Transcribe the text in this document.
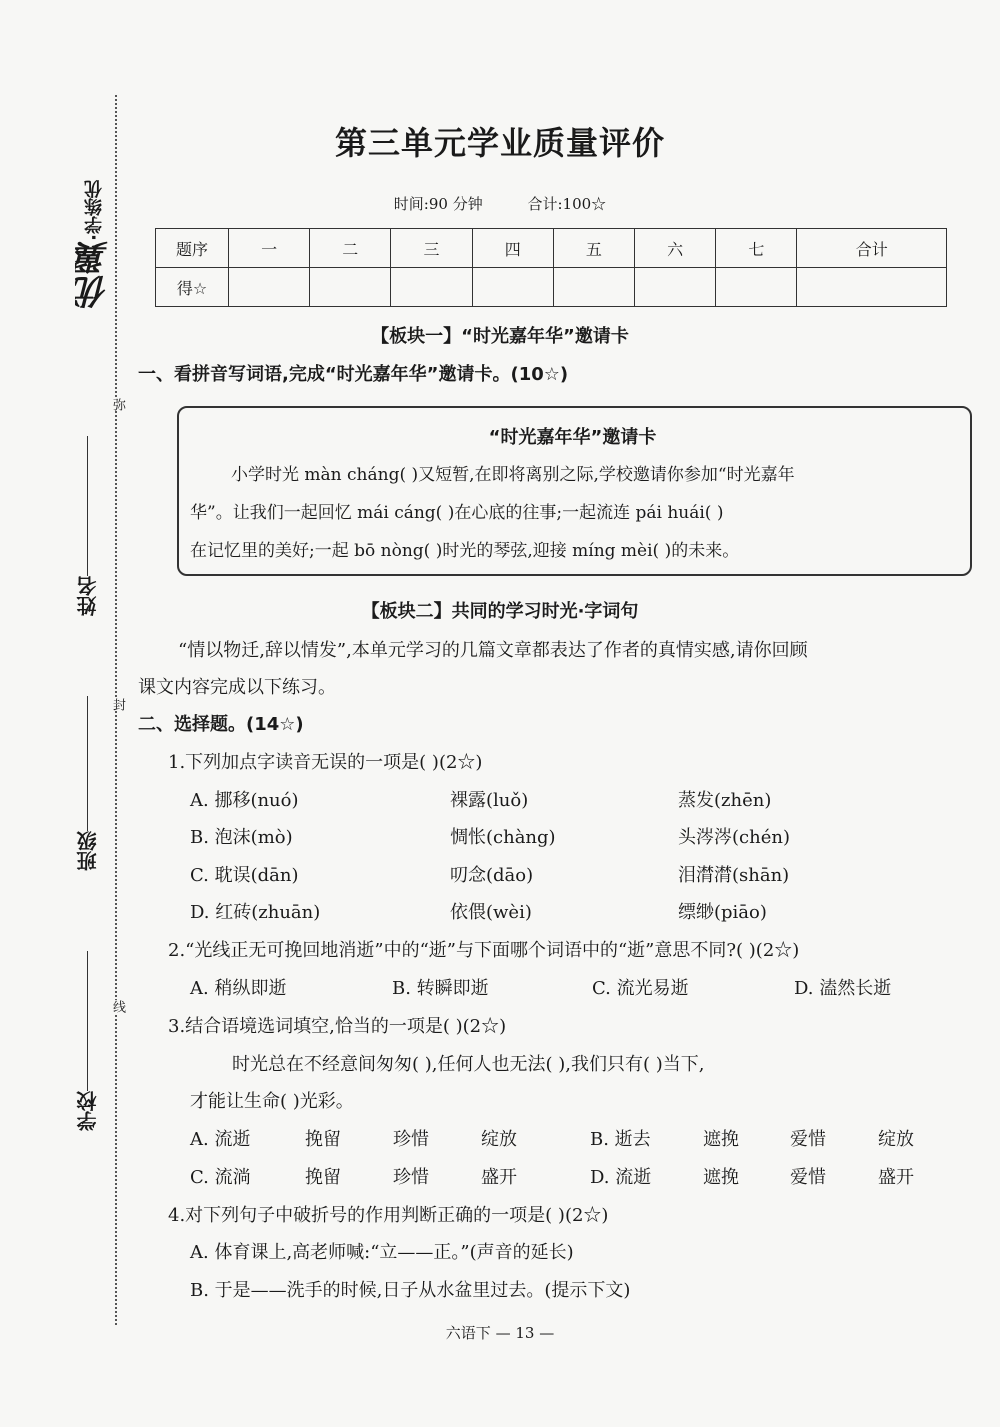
优翼·学练优
弥
封
线
姓名
班级
学校
第三单元学业质量评价
时间:90 分钟	合计:100☆
题序	一	二	三	四	五	六	七	合计
得☆								
【板块一】“时光嘉年华”邀请卡
一、看拼音写词语,完成“时光嘉年华”邀请卡。(10☆)
“时光嘉年华”邀请卡
小学时光 màn cháng( )又短暂,在即将离别之际,学校邀请你参加“时光嘉年
华”。让我们一起回忆 mái cáng( )在心底的往事;一起流连 pái huái( )
在记忆里的美好;一起 bō nòng( )时光的琴弦,迎接 míng mèi( )的未来。
【板块二】共同的学习时光·字词句
“情以物迁,辞以情发”,本单元学习的几篇文章都表达了作者的真情实感,请你回顾
课文内容完成以下练习。
二、选择题。(14☆)
1.下列加点字读音无误的一项是( )(2☆)
A. 挪移(nuó)	裸露(luǒ)	蒸发(zhēn)
B. 泡沫(mò)	惆怅(chàng)	头涔涔(chén)
C. 耽误(dān)	叨念(dāo)	泪潸潸(shān)
D. 红砖(zhuān)	依偎(wèi)	缥缈(piāo)
2.“光线正无可挽回地消逝”中的“逝”与下面哪个词语中的“逝”意思不同?( )(2☆)
A. 稍纵即逝	B. 转瞬即逝	C. 流光易逝	D. 溘然长逝
3.结合语境选词填空,恰当的一项是( )(2☆)
时光总在不经意间匆匆( ),任何人也无法( ),我们只有( )当下,
才能让生命( )光彩。
A. 流逝	挽留	珍惜	绽放	B. 逝去	遮挽	爱惜	绽放
C. 流淌	挽留	珍惜	盛开	D. 流逝	遮挽	爱惜	盛开
4.对下列句子中破折号的作用判断正确的一项是( )(2☆)
A. 体育课上,高老师喊:“立——正。”(声音的延长)
B. 于是——洗手的时候,日子从水盆里过去。(提示下文)
六语下 — 13 —
